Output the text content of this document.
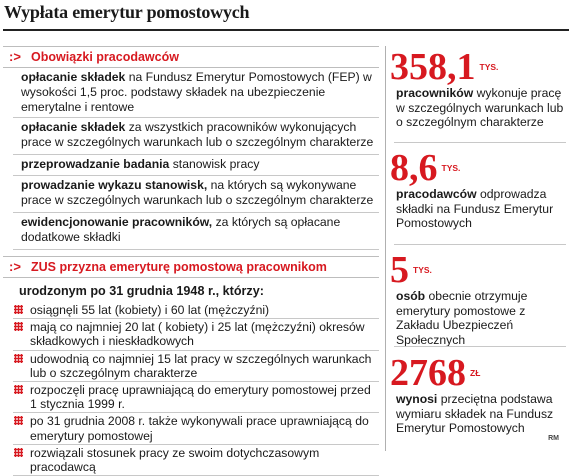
Wypłata emerytur pomostowych
:> Obowiązki pracodawców
opłacanie składek na Fundusz Emerytur Pomostowych (FEP) w wysokości 1,5 proc. podstawy składek na ubezpieczenie emerytalne i rentowe
opłacanie składek za wszystkich pracowników wykonujących prace w szczególnych warunkach lub o szczególnym charakterze
przeprowadzanie badania stanowisk pracy
prowadzanie wykazu stanowisk, na których są wykonywane prace w szczególnych warunkach lub o szczególnym charakterze
ewidencjonowanie pracowników, za których są opłacane dodatkowe składki
:> ZUS przyzna emeryturę pomostową pracownikom
urodzonym po 31 grudnia 1948 r., którzy:
osiągnęli 55 lat (kobiety) i 60 lat (mężczyźni)
mają co najmniej 20 lat ( kobiety) i 25 lat (mężczyźni) okresów składkowych i nieskładkowych
udowodnią co najmniej 15 lat pracy w szczególnych warunkach lub o szczególnym charakterze
rozpoczęli pracę uprawniającą do emerytury pomostowej przed 1 stycznia 1999 r.
po 31 grudnia 2008 r. także wykonywali prace uprawniającą do emerytury pomostowej
rozwiązali stosunek pracy ze swoim dotychczasowym pracodawcą
358,1 TYS.
pracowników wykonuje pracę w szczególnych warunkach lub o szczególnym charakterze
8,6 TYS.
pracodawców odprowadza składki na Fundusz Emerytur Pomostowych
5 TYS.
osób obecnie otrzymuje emerytury pomostowe z Zakładu Ubezpieczeń Społecznych
2768 ZŁ
wynosi przeciętna podstawa wymiaru składek na Fundusz Emerytur Pomostowych
RM
